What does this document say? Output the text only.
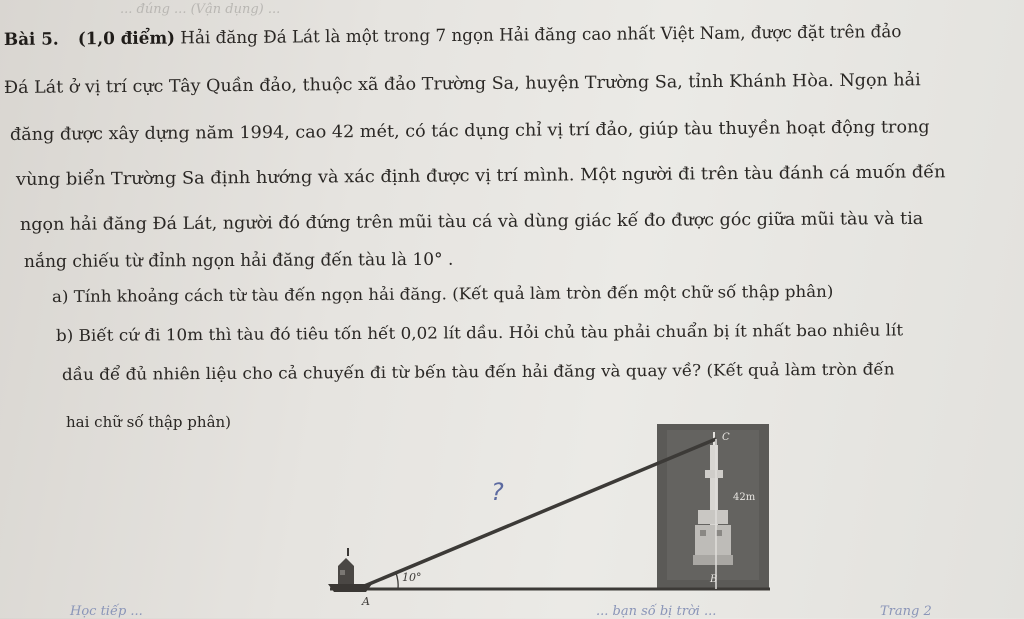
... đúng ... (Vận dụng) ...
Bài 5. (1,0 điểm) Hải đăng Đá Lát là một trong 7 ngọn Hải đăng cao nhất Việt Nam, được đặt trên đảo
Đá Lát ở vị trí cực Tây Quần đảo, thuộc xã đảo Trường Sa, huyện Trường Sa, tỉnh Khánh Hòa. Ngọn hải
đăng được xây dựng năm 1994, cao 42 mét, có tác dụng chỉ vị trí đảo, giúp tàu thuyền hoạt động trong
vùng biển Trường Sa định hướng và xác định được vị trí mình. Một người đi trên tàu đánh cá muốn đến
ngọn hải đăng Đá Lát, người đó đứng trên mũi tàu cá và dùng giác kế đo được góc giữa mũi tàu và tia
nắng chiếu từ đỉnh ngọn hải đăng đến tàu là 10° .
a) Tính khoảng cách từ tàu đến ngọn hải đăng. (Kết quả làm tròn đến một chữ số thập phân)
b) Biết cứ đi 10m thì tàu đó tiêu tốn hết 0,02 lít dầu. Hỏi chủ tàu phải chuẩn bị ít nhất bao nhiêu lít
dầu để đủ nhiên liệu cho cả chuyến đi từ bến tàu đến hải đăng và quay về? (Kết quả làm tròn đến
hai chữ số thập phân)
10°
A
B
C
42m
?
Học tiếp ...	... bạn số bị trời ...	Trang 2
